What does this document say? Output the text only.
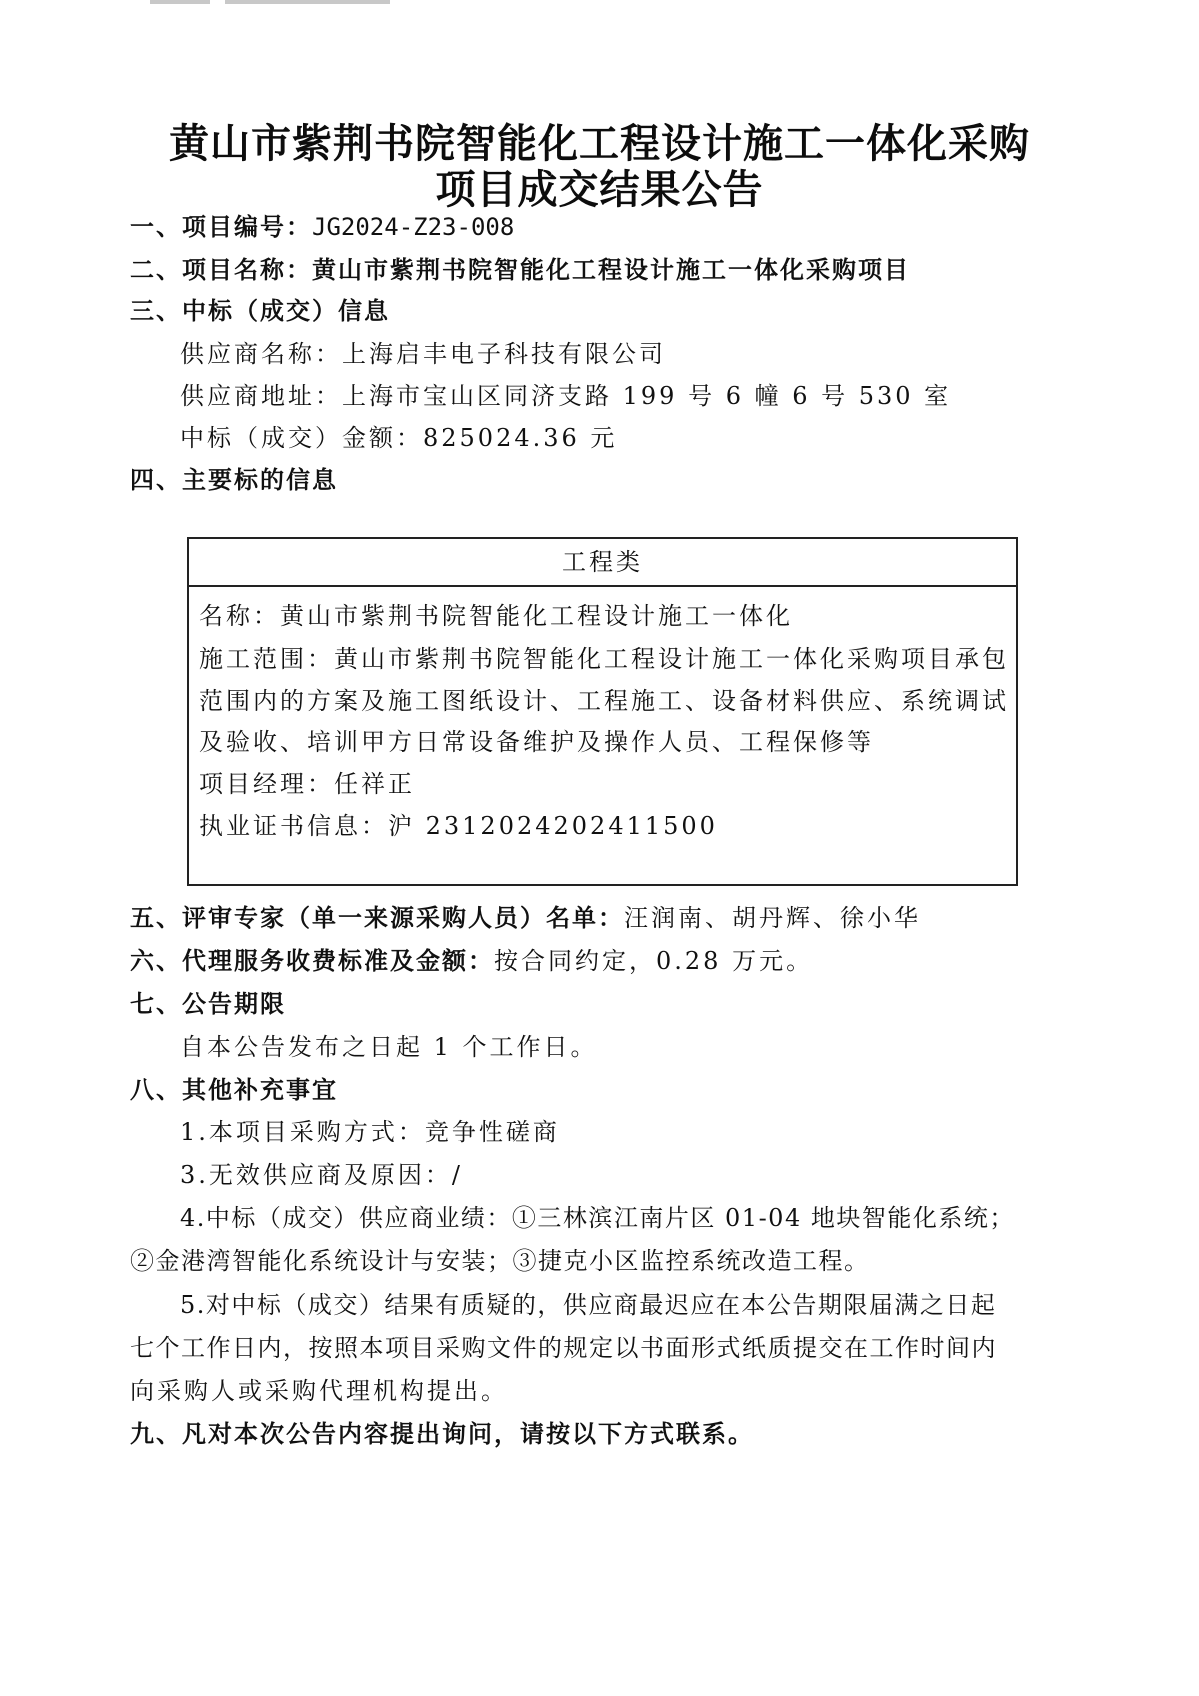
黄山市紫荆书院智能化工程设计施工一体化采购
项目成交结果公告
一、项目编号：JG2024-Z23-008
二、项目名称：黄山市紫荆书院智能化工程设计施工一体化采购项目
三、中标（成交）信息
供应商名称：上海启丰电子科技有限公司
供应商地址：上海市宝山区同济支路 199 号 6 幢 6 号 530 室
中标（成交）金额：825024.36 元
四、主要标的信息
工程类
名称：黄山市紫荆书院智能化工程设计施工一体化
施工范围：黄山市紫荆书院智能化工程设计施工一体化采购项目承包
范围内的方案及施工图纸设计、工程施工、设备材料供应、系统调试
及验收、培训甲方日常设备维护及操作人员、工程保修等
项目经理：任祥正
执业证书信息：沪 2312024202411500
五、评审专家（单一来源采购人员）名单：汪润南、胡丹辉、徐小华
六、代理服务收费标准及金额：按合同约定，0.28 万元。
七、公告期限
自本公告发布之日起 1 个工作日。
八、其他补充事宜
1.本项目采购方式：竞争性磋商
3.无效供应商及原因：/
4.中标（成交）供应商业绩：①三林滨江南片区 01-04 地块智能化系统；
②金港湾智能化系统设计与安装；③捷克小区监控系统改造工程。
5.对中标（成交）结果有质疑的，供应商最迟应在本公告期限届满之日起
七个工作日内，按照本项目采购文件的规定以书面形式纸质提交在工作时间内
向采购人或采购代理机构提出。
九、凡对本次公告内容提出询问，请按以下方式联系。
